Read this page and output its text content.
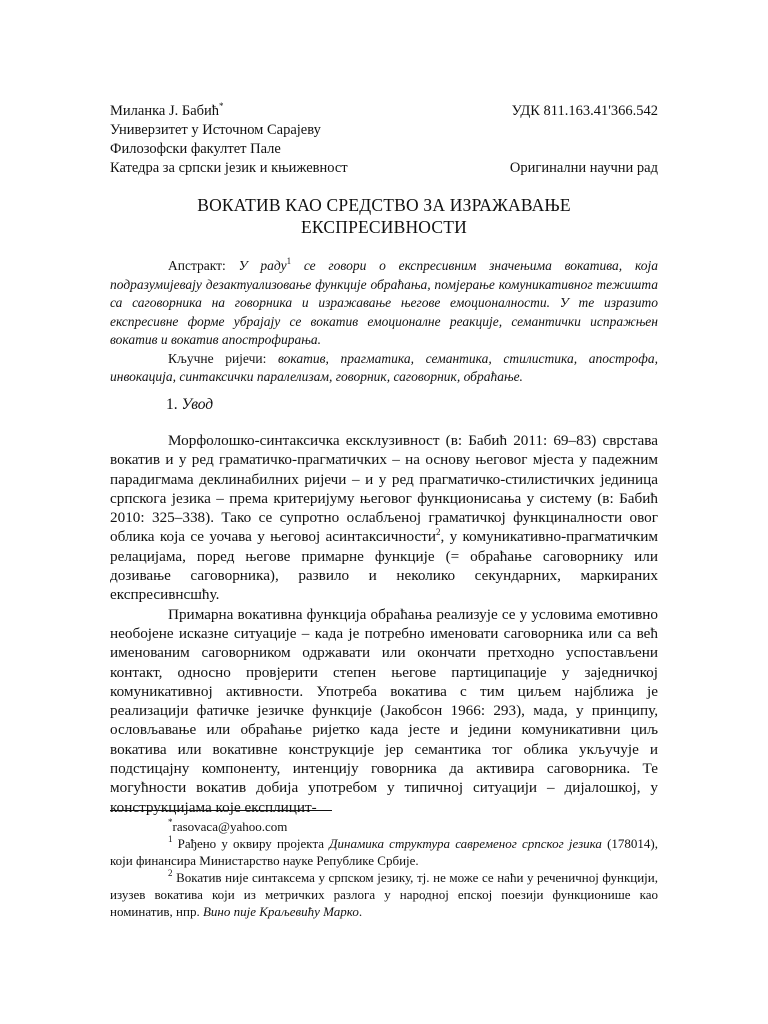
Миланка Ј. Бабић*
Универзитет у Источном Сарајеву
Филозофски факултет Пале
Катедра за српски језик и књижевност
УДК 811.163.41'366.542
Оригинални научни рад
ВОКАТИВ КАО СРЕДСТВО ЗА ИЗРАЖАВАЊЕ
ЕКСПРЕСИВНОСТИ

Апстракт: У раду$^1$ се говори о експресивним значењима вокатива, која подразумијевају дезактуализовање функције обраћања, помјерање комуникативног тежишта са саговорника на говорника и изражавање његове емоционалности. У те изразито експресивне форме убрајају се вокатив емоционалне реакције, семантички испражњен вокатив и вокатив апострофирања.

Кључне ријечи: вокатив, прагматика, семантика, стилистика, апострофа, инвокација, синтаксички паралелизам, говорник, саговорник, обраћање.

1. Увод

Морфолошко-синтаксичка ексклузивност (в: Бабић 2011: 69–83) сврстава вокатив и у ред граматичко-прагматичких – на основу његовог мјеста у падежним парадигмама деклинабилних ријечи – и у ред прагматичко-стилистичких јединица српскога језика – према критеријуму његовог функционисања у систему (в: Бабић 2010: 325–338). Тако се супротно ослабљеној граматичкој функциналности овог облика која се уочава у његовој асинтаксичности$^2$, у комуникативно-прагматичким релацијама, поред његове примарне функције (= обраћање саговорнику или дозивање саговорника), развило и неколико секундарних, маркираних експресивнсшћу.

Примарна вокативна функција обраћања реализује се у условима емотивно необојене исказне ситуације – када је потребно именовати саговорника или са већ именованим саговорником одржавати или окончати претходно успостављени контакт, односно провјерити степен његове партиципације у заједничкој комуникативној активности. Употреба вокатива с тим циљем најближа је реализацији фатичке језичке функције (Јакобсон 1966: 293), мада, у принципу, ословљавање или обраћање ријетко када јесте и једини комуникативни циљ вокатива или вокативне конструкције јер семантика тог облика укључује и подстицајну компоненту, интенцију говорника да активира саговорника. Те могућности вокатив добија употребом у типичној ситуацији – дијалошкој, у конструкцијама које експлицит-

*rasovaca@yahoo.com

$^1$ Рађено у оквиру пројекта Динамика структура савременог српског језика (178014), који финансира Министарство науке Републике Србије.

$^2$ Вокатив није синтаксема у српском језику, тј. не може се наћи у реченичној функцији, изузев вокатива који из метричких разлога у народној епској поезији функционише као номинатив, нпр. Вино пије Краљевићу Марко.
